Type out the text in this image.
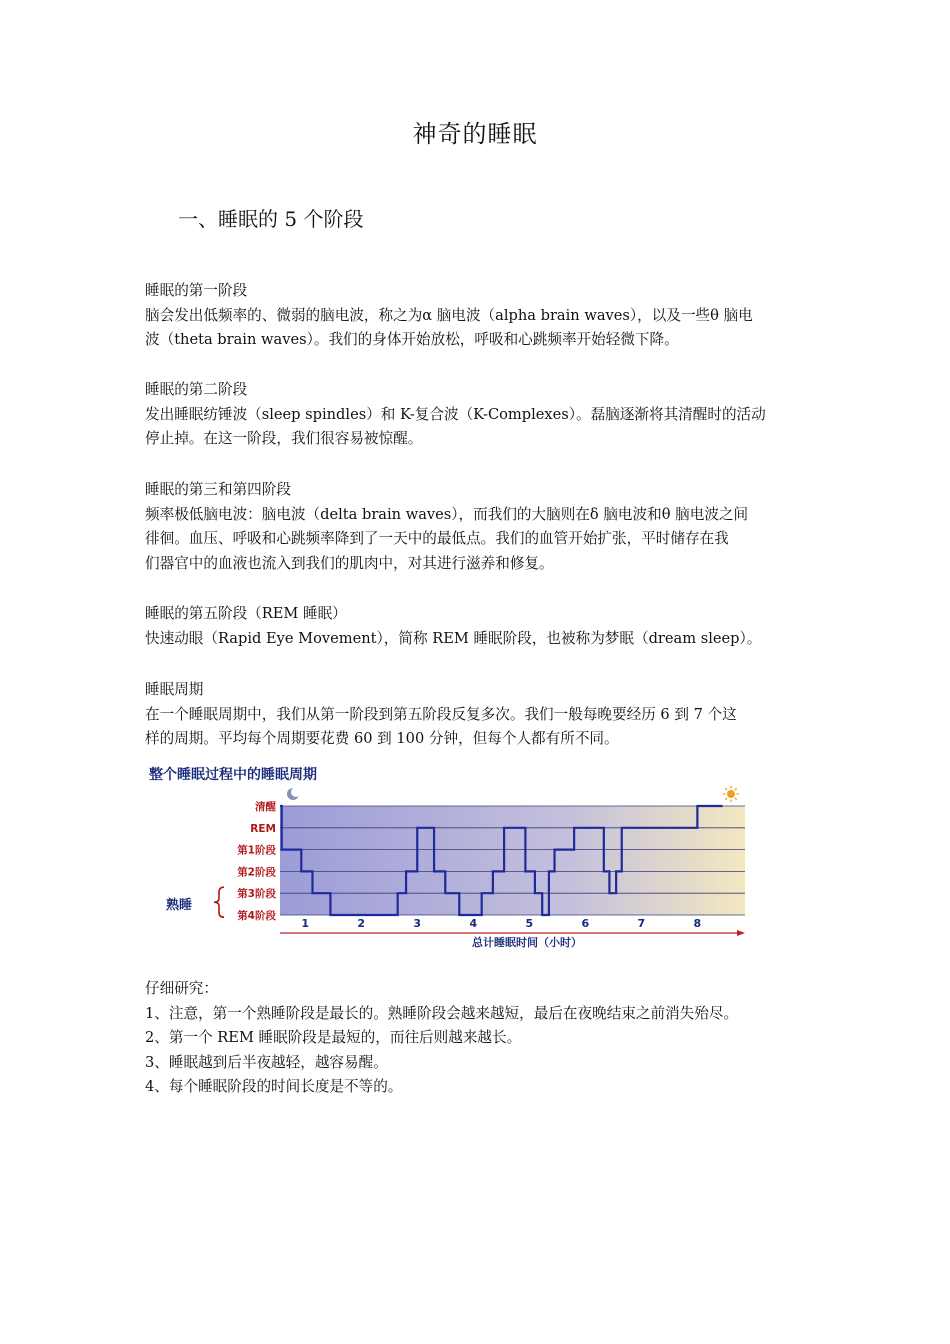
神奇的睡眠
一、睡眠的 5 个阶段

睡眠的第一阶段

脑会发出低频率的、微弱的脑电波，称之为α 脑电波（alpha brain waves），以及一些θ 脑电

波（theta brain waves）。我们的身体开始放松，呼吸和心跳频率开始轻微下降。

睡眠的第二阶段

发出睡眠纺锤波（sleep spindles）和 K-复合波（K-Complexes）。磊脑逐渐将其清醒时的活动

停止掉。在这一阶段，我们很容易被惊醒。

睡眠的第三和第四阶段

频率极低脑电波：脑电波（delta brain waves），而我们的大脑则在δ 脑电波和θ 脑电波之间

徘徊。血压、呼吸和心跳频率降到了一天中的最低点。我们的血管开始扩张，平时储存在我

们器官中的血液也流入到我们的肌肉中，对其进行滋养和修复。

睡眠的第五阶段（REM 睡眠）

快速动眼（Rapid Eye Movement），简称 REM 睡眠阶段，也被称为梦眠（dream sleep）。

睡眠周期

在一个睡眠周期中，我们从第一阶段到第五阶段反复多次。我们一般每晚要经历 6 到 7 个这

样的周期。平均每个周期要花费 60 到 100 分钟，但每个人都有所不同。

整个睡眠过程中的睡眠周期
清醒
REM
第1阶段
第2阶段
第3阶段
第4阶段
熟睡
1	2	3	4	5	6	7	8
总计睡眠时间（小时）

仔细研究：

1、注意，第一个熟睡阶段是最长的。熟睡阶段会越来越短，最后在夜晚结束之前消失殆尽。

2、第一个 REM 睡眠阶段是最短的，而往后则越来越长。

3、睡眠越到后半夜越轻，越容易醒。

4、每个睡眠阶段的时间长度是不等的。
